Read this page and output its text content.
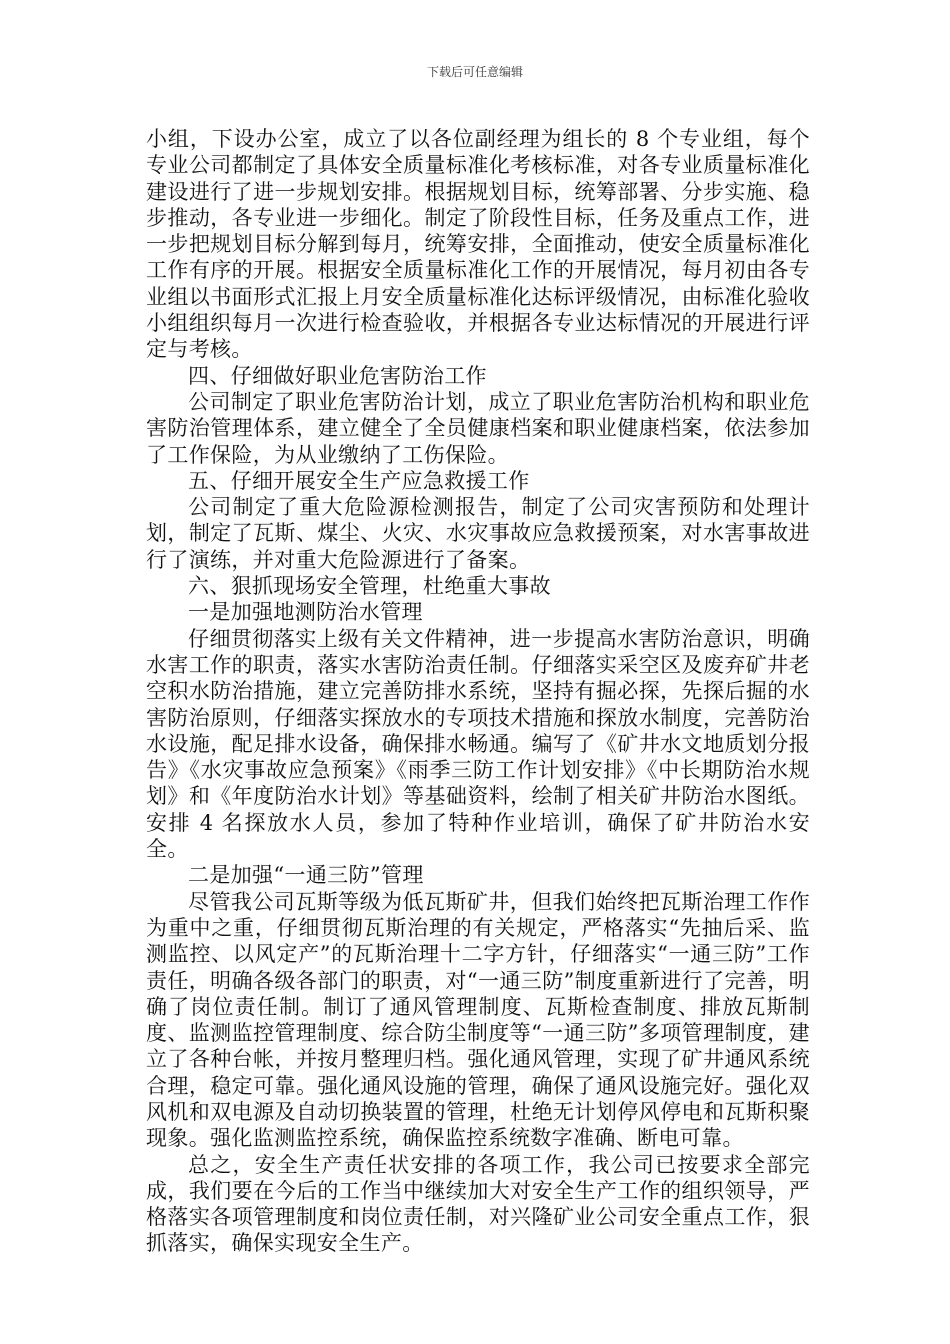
下载后可任意编辑

小组，下设办公室，成立了以各位副经理为组长的 8 个专业组，每个专业公司都制定了具体安全质量标准化考核标准，对各专业质量标准化建设进行了进一步规划安排。根据规划目标，统筹部署、分步实施、稳步推动，各专业进一步细化。制定了阶段性目标，任务及重点工作，进一步把规划目标分解到每月，统筹安排，全面推动，使安全质量标准化工作有序的开展。根据安全质量标准化工作的开展情况，每月初由各专业组以书面形式汇报上月安全质量标准化达标评级情况，由标准化验收小组组织每月一次进行检查验收，并根据各专业达标情况的开展进行评定与考核。

四、仔细做好职业危害防治工作

公司制定了职业危害防治计划，成立了职业危害防治机构和职业危害防治管理体系，建立健全了全员健康档案和职业健康档案，依法参加了工作保险，为从业缴纳了工伤保险。

五、仔细开展安全生产应急救援工作

公司制定了重大危险源检测报告，制定了公司灾害预防和处理计划，制定了瓦斯、煤尘、火灾、水灾事故应急救援预案，对水害事故进行了演练，并对重大危险源进行了备案。

六、狠抓现场安全管理，杜绝重大事故

一是加强地测防治水管理

仔细贯彻落实上级有关文件精神，进一步提高水害防治意识，明确水害工作的职责，落实水害防治责任制。仔细落实采空区及废弃矿井老空积水防治措施，建立完善防排水系统，坚持有掘必探，先探后掘的水害防治原则，仔细落实探放水的专项技术措施和探放水制度，完善防治水设施，配足排水设备，确保排水畅通。编写了《矿井水文地质划分报告》《水灾事故应急预案》《雨季三防工作计划安排》《中长期防治水规划》和《年度防治水计划》等基础资料，绘制了相关矿井防治水图纸。安排 4 名探放水人员，参加了特种作业培训，确保了矿井防治水安全。

二是加强“一通三防”管理

尽管我公司瓦斯等级为低瓦斯矿井，但我们始终把瓦斯治理工作作为重中之重，仔细贯彻瓦斯治理的有关规定，严格落实“先抽后采、监测监控、以风定产”的瓦斯治理十二字方针，仔细落实“一通三防”工作责任，明确各级各部门的职责，对“一通三防”制度重新进行了完善，明确了岗位责任制。制订了通风管理制度、瓦斯检查制度、排放瓦斯制度、监测监控管理制度、综合防尘制度等“一通三防”多项管理制度，建立了各种台帐，并按月整理归档。强化通风管理，实现了矿井通风系统合理，稳定可靠。强化通风设施的管理，确保了通风设施完好。强化双风机和双电源及自动切换装置的管理，杜绝无计划停风停电和瓦斯积聚现象。强化监测监控系统，确保监控系统数字准确、断电可靠。

总之，安全生产责任状安排的各项工作，我公司已按要求全部完成，我们要在今后的工作当中继续加大对安全生产工作的组织领导，严格落实各项管理制度和岗位责任制，对兴隆矿业公司安全重点工作，狠抓落实，确保实现安全生产。
